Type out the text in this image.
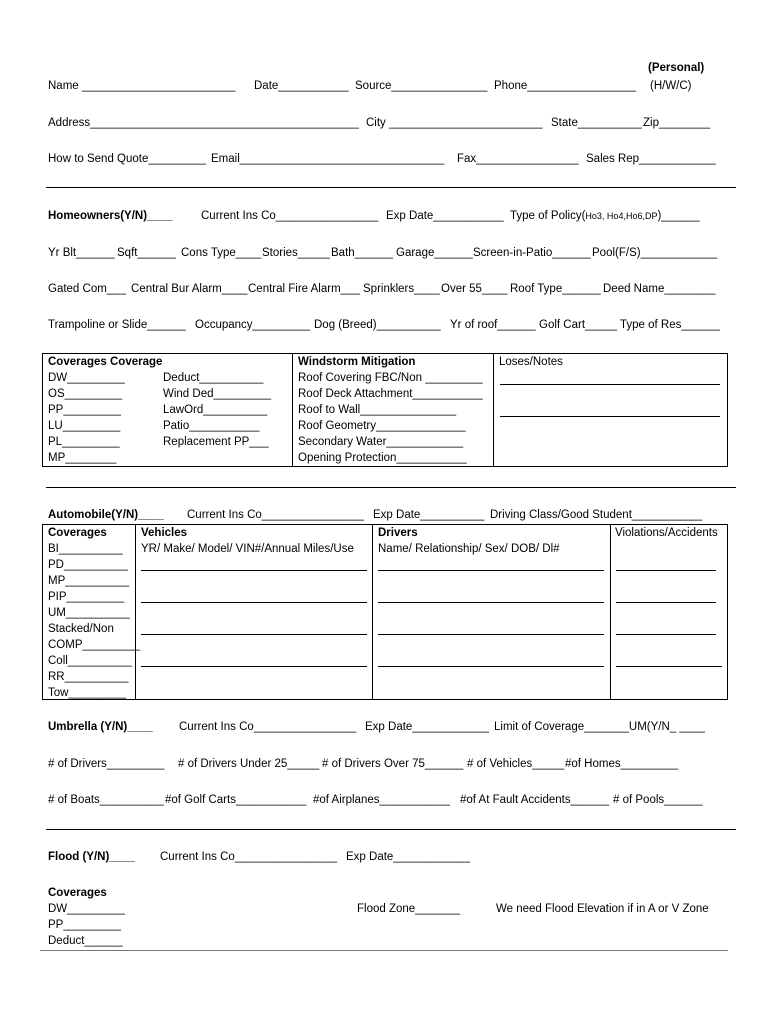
(Personal)
Name ________________________ Date___________ Source_______________ Phone_________________ (H/W/C)
Address__________________________________________ City ________________________ State__________ Zip________
How to Send Quote_________ Email________________________________ Fax________________ Sales Rep____________
Homeowners(Y/N)____ Current Ins Co________________ Exp Date___________ Type of Policy(Ho3, Ho4,Ho6,DP)______
Yr Blt______ Sqft______ Cons Type____ Stories_____ Bath______ Garage______ Screen-in-Patio______ Pool(F/S)____________
Gated Com___ Central Bur Alarm____ Central Fire Alarm___ Sprinklers____ Over 55____ Roof Type______ Deed Name________
Trampoline or Slide______ Occupancy_________ Dog (Breed)__________ Yr of roof______ Golf Cart_____ Type of Res______
Coverages Coverage
DW_________
OS_________
PP_________
LU_________
PL_________
MP________
Deduct__________
Wind Ded_________
LawOrd__________
Patio___________
Replacement PP___
Windstorm Mitigation
Roof Covering FBC/Non _________
Roof Deck Attachment___________
Roof to Wall_______________
Roof Geometry______________
Secondary Water____________
Opening Protection___________
Loses/Notes
Automobile(Y/N)____ Current Ins Co________________ Exp Date__________ Driving Class/Good Student___________
Coverages
BI__________
PD__________
MP__________
PIP_________
UM__________
Stacked/Non
COMP_________
Coll__________
RR__________
Tow_________
Vehicles
YR/ Make/ Model/ VIN#/Annual Miles/Use
Drivers
Name/ Relationship/ Sex/ DOB/ Dl#
Violations/Accidents
Umbrella (Y/N)____ Current Ins Co________________ Exp Date____________ Limit of Coverage_______UM(Y/N_ ____
# of Drivers_________ # of Drivers Under 25_____ # of Drivers Over 75______ # of Vehicles_____ #of Homes_________
# of Boats__________ #of Golf Carts___________ #of Airplanes___________ #of At Fault Accidents______ # of Pools______
Flood (Y/N)____ Current Ins Co________________ Exp Date____________
Coverages
DW_________
PP_________
Deduct______
Flood Zone_______	We need Flood Elevation if in A or V Zone
